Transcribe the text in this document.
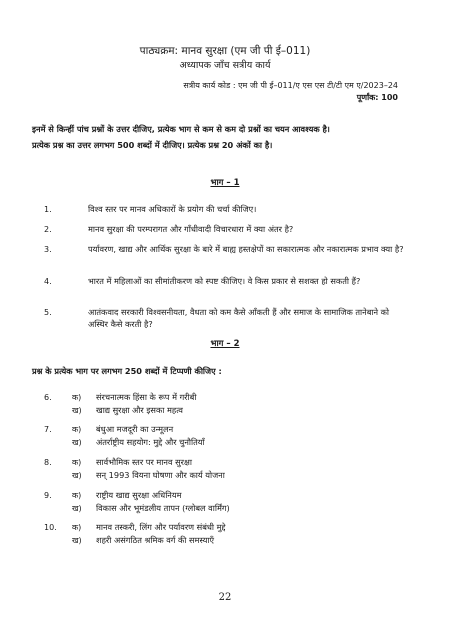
पाठ्यक्रम: मानव सुरक्षा (एम जी पी ई–011)
अध्यापक जाँच सत्रीय कार्य
सत्रीय कार्य कोड : एम जी पी ई–011/ए एस एस टी/टी एम ए/2023–24
पूर्णांक: 100
इनमें से किन्हीं पांच प्रश्नों के उत्तर दीजिए, प्रत्येक भाग से कम से कम दो प्रश्नों का चयन आवश्यक है।
प्रत्येक प्रश्न का उत्तर लगभग 500 शब्दों में दीजिए। प्रत्येक प्रश्न 20 अंकों का है।
भाग – 1
1.	विश्व स्तर पर मानव अधिकारों के प्रयोग की चर्चा कीजिए।
2.	मानव सुरक्षा की परम्परागत और गाँधीवादी विचारधारा में क्या अंतर है?
3.	पर्यावरण, खाद्य और आर्थिक सुरक्षा के बारे में बाह्य हस्तक्षेपों का सकारात्मक और नकारात्मक प्रभाव क्या है?
4.	भारत में महिलाओं का सीमांतीकरण को स्पष्ट कीजिए। वे किस प्रकार से सशक्त हो सकती हैं?
5.	आतंकवाद सरकारी विश्वसनीयता, वैधता को कम कैसे आँकती हैं और समाज के सामाजिक तानेबाने को अस्थिर कैसे करती है?
भाग – 2
प्रश्न के प्रत्येक भाग पर लगभग 250 शब्दों में टिप्पणी कीजिए :
6.	क) संरचनात्मक हिंसा के रूप में गरीबी
ख) खाद्य सुरक्षा और इसका महत्व
7.	क) बंधुआ मजदूरी का उन्मूलन
ख) अंतर्राष्ट्रीय सहयोग: मुद्दे और चुनौतियाँ
8.	क) सार्वभौमिक स्तर पर मानव सुरक्षा
ख) सन् 1993 वियना घोषणा और कार्य योजना
9.	क) राष्ट्रीय खाद्य सुरक्षा अधिनियम
ख) विकास और भूमंडलीय तापन (ग्लोबल वार्मिंग)
10. क) मानव तस्करी, लिंग और पर्यावरण संबंधी मुद्दे
ख) शहरी असंगठित श्रमिक वर्ग की समस्याएँ
22
